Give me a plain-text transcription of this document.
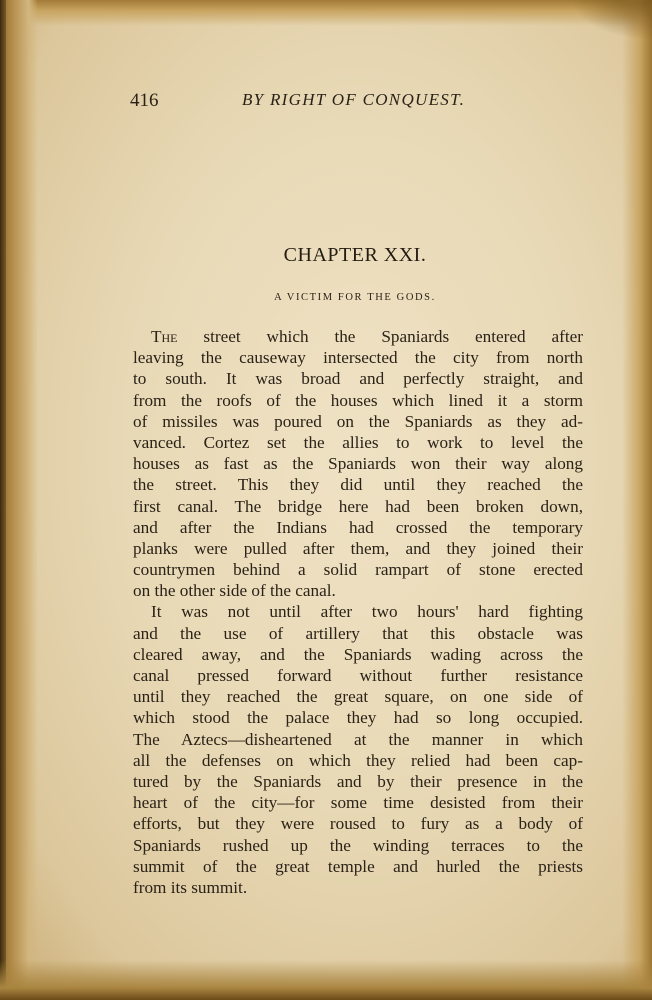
416	BY RIGHT OF CONQUEST.
CHAPTER XXI.
A VICTIM FOR THE GODS.
The street which the Spaniards entered after
leaving the causeway intersected the city from north
to south. It was broad and perfectly straight, and
from the roofs of the houses which lined it a storm
of missiles was poured on the Spaniards as they ad-
vanced. Cortez set the allies to work to level the
houses as fast as the Spaniards won their way along
the street. This they did until they reached the
first canal. The bridge here had been broken down,
and after the Indians had crossed the temporary
planks were pulled after them, and they joined their
countrymen behind a solid rampart of stone erected
on the other side of the canal.
It was not until after two hours' hard fighting
and the use of artillery that this obstacle was
cleared away, and the Spaniards wading across the
canal pressed forward without further resistance
until they reached the great square, on one side of
which stood the palace they had so long occupied.
The Aztecs—disheartened at the manner in which
all the defenses on which they relied had been cap-
tured by the Spaniards and by their presence in the
heart of the city—for some time desisted from their
efforts, but they were roused to fury as a body of
Spaniards rushed up the winding terraces to the
summit of the great temple and hurled the priests
from its summit.
